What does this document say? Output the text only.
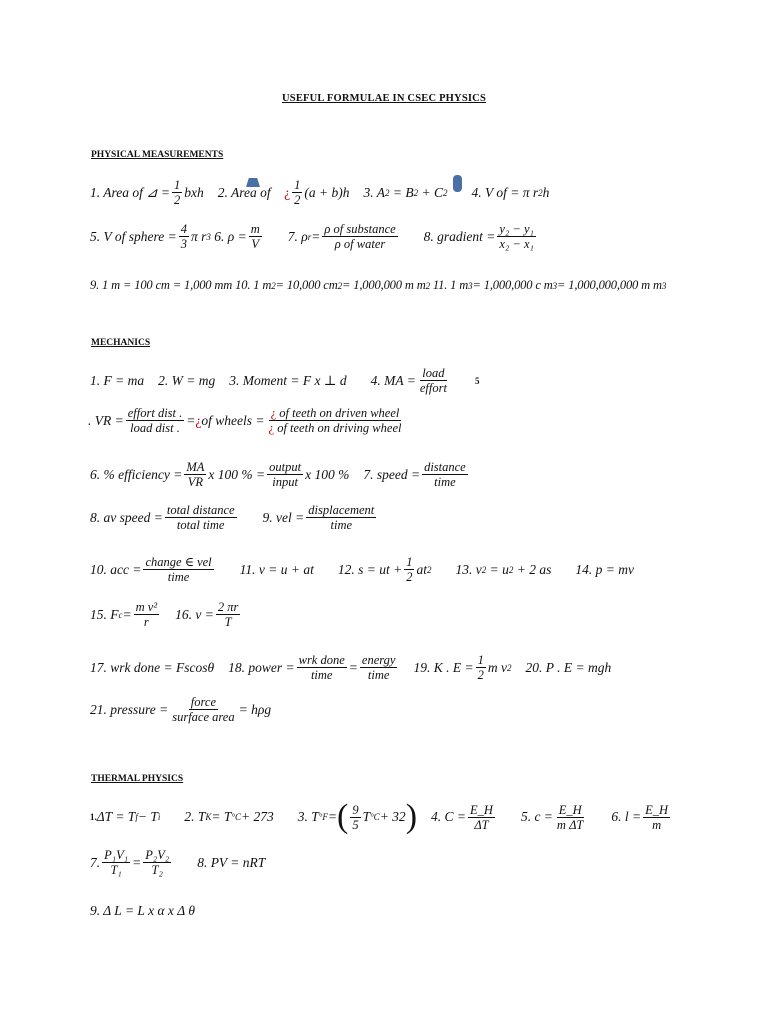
USEFUL FORMULAE IN CSEC PHYSICS
PHYSICAL MEASUREMENTS
1. Area of ⊿ = $\frac{1}{2}$ bxh 2. Area of
¿ $\frac{1}{2} (a + b)h$ 3. A 2
= B 2
+ C 2 4. V of = π r 2 h
5. V of sphere = $\frac{4}{3}$ π r 3
6. $\rho = \frac{m}{V} 7$. ρ $r = \frac{\text{ρ of substance}}{\text{ρ of water}} 8$. gradient = $\frac{\text{y₂ − y₁}}{\text{x₂ − x₁}}$
9. 1 m = 100 cm = 1,000 mm
10. 1 m 2 = 10,000 cm 2 = 1,000,000 m m 2
11. 1 m 3 = 1,000,000 c m 3 = 1,000,000,000 m m 3
MECHANICS
1. F = ma 2. W = mg 3. Moment = F x ⊥ d 4. MA = $\frac{\text{load}}{\text{effort}}$	5
. VR = $\frac{\text{effort dist .}}{\text{load dist .}}$ = ¿ of wheels = $\frac{\text{¿ of teeth on driven wheel}}{\text{¿ of teeth on driving wheel}}$
6. % efficiency = $\frac{MA}{VR}$ x 100 % = $\frac{\text{output}}{\text{input}}$ x 100 % 7. speed = $\frac{\text{distance}}{\text{time}}$
8. av speed = $\frac{\text{total distance}}{\text{total time}} 9$. vel = $\frac{\text{displacement}}{\text{time}}$
10. acc = $\frac{\text{change ∈ vel}}{\text{time}} 11$. v = u + at 12. s = ut + $\frac{1}{2}$ at 2 13. v 2
= u 2
+ 2 as 14. p = mv
15. F $c = \frac{\text{m v²}}{r} 16$. $v = \frac{2 \pi r}{T}$
17. wrk done = Fscosθ 18. power = $\frac{\text{wrk done}}{\text{time}} = \frac{\text{energy}}{\text{time}} 19$. K . $E = \frac{1}{2}$ m v 2 20. P . E = mgh
21. pressure = $\frac{\text{force}}{\text{surface area}} = h\rho g$
THERMAL PHYSICS
1. ΔT = T f − T i 2. T K = T °C + 273 3. T °F = ( $\frac{9}{5}$ T °C + 32 ) 4. $C = \frac{E\_H}{\Delta T} 5$. $c = \frac{E\_H}{\text{m ΔT}} 6$. $l = \frac{E\_H}{m}$
7. $\frac{\text{P₁V₁}}{\text{T₁}} = \frac{\text{P₂V₂}}{\text{T₂}} 8$. PV = nRT
9. Δ L = L x α x Δ θ
